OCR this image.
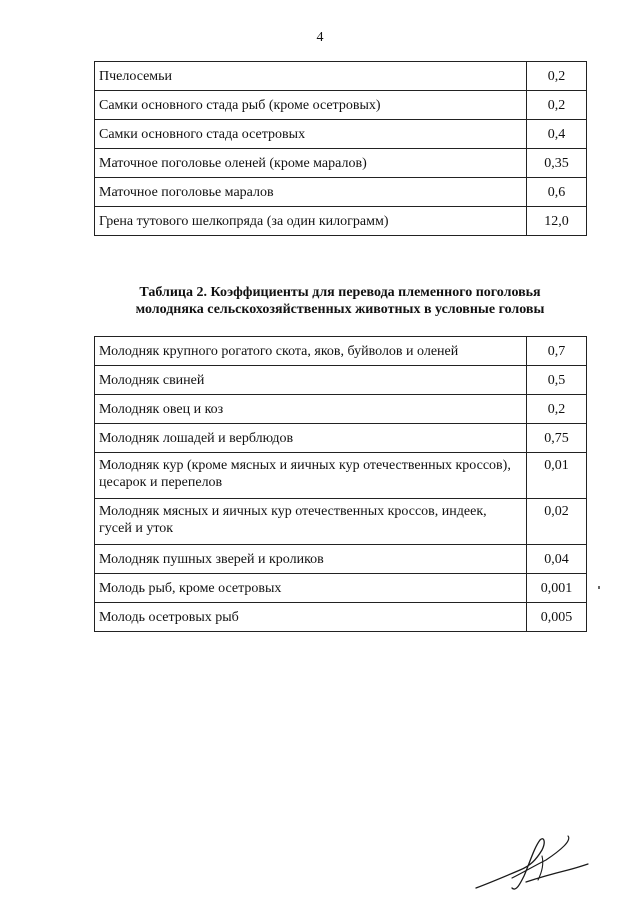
4
Пчелосемьи	0,2
Самки основного стада рыб (кроме осетровых)	0,2
Самки основного стада осетровых	0,4
Маточное поголовье оленей (кроме маралов)	0,35
Маточное поголовье маралов	0,6
Грена тутового шелкопряда (за один килограмм)	12,0
Таблица 2. Коэффициенты для перевода племенного поголовья
молодняка сельскохозяйственных животных в условные головы
Молодняк крупного рогатого скота, яков, буйволов и оленей	0,7
Молодняк свиней	0,5
Молодняк овец и коз	0,2
Молодняк лошадей и верблюдов	0,75
Молодняк кур (кроме мясных и яичных кур отечественных кроссов), цесарок и перепелов	0,01
Молодняк мясных и яичных кур отечественных кроссов, индеек, гусей и уток	0,02
Молодняк пушных зверей и кроликов	0,04
Молодь рыб, кроме осетровых	0,001
Молодь осетровых рыб	0,005
